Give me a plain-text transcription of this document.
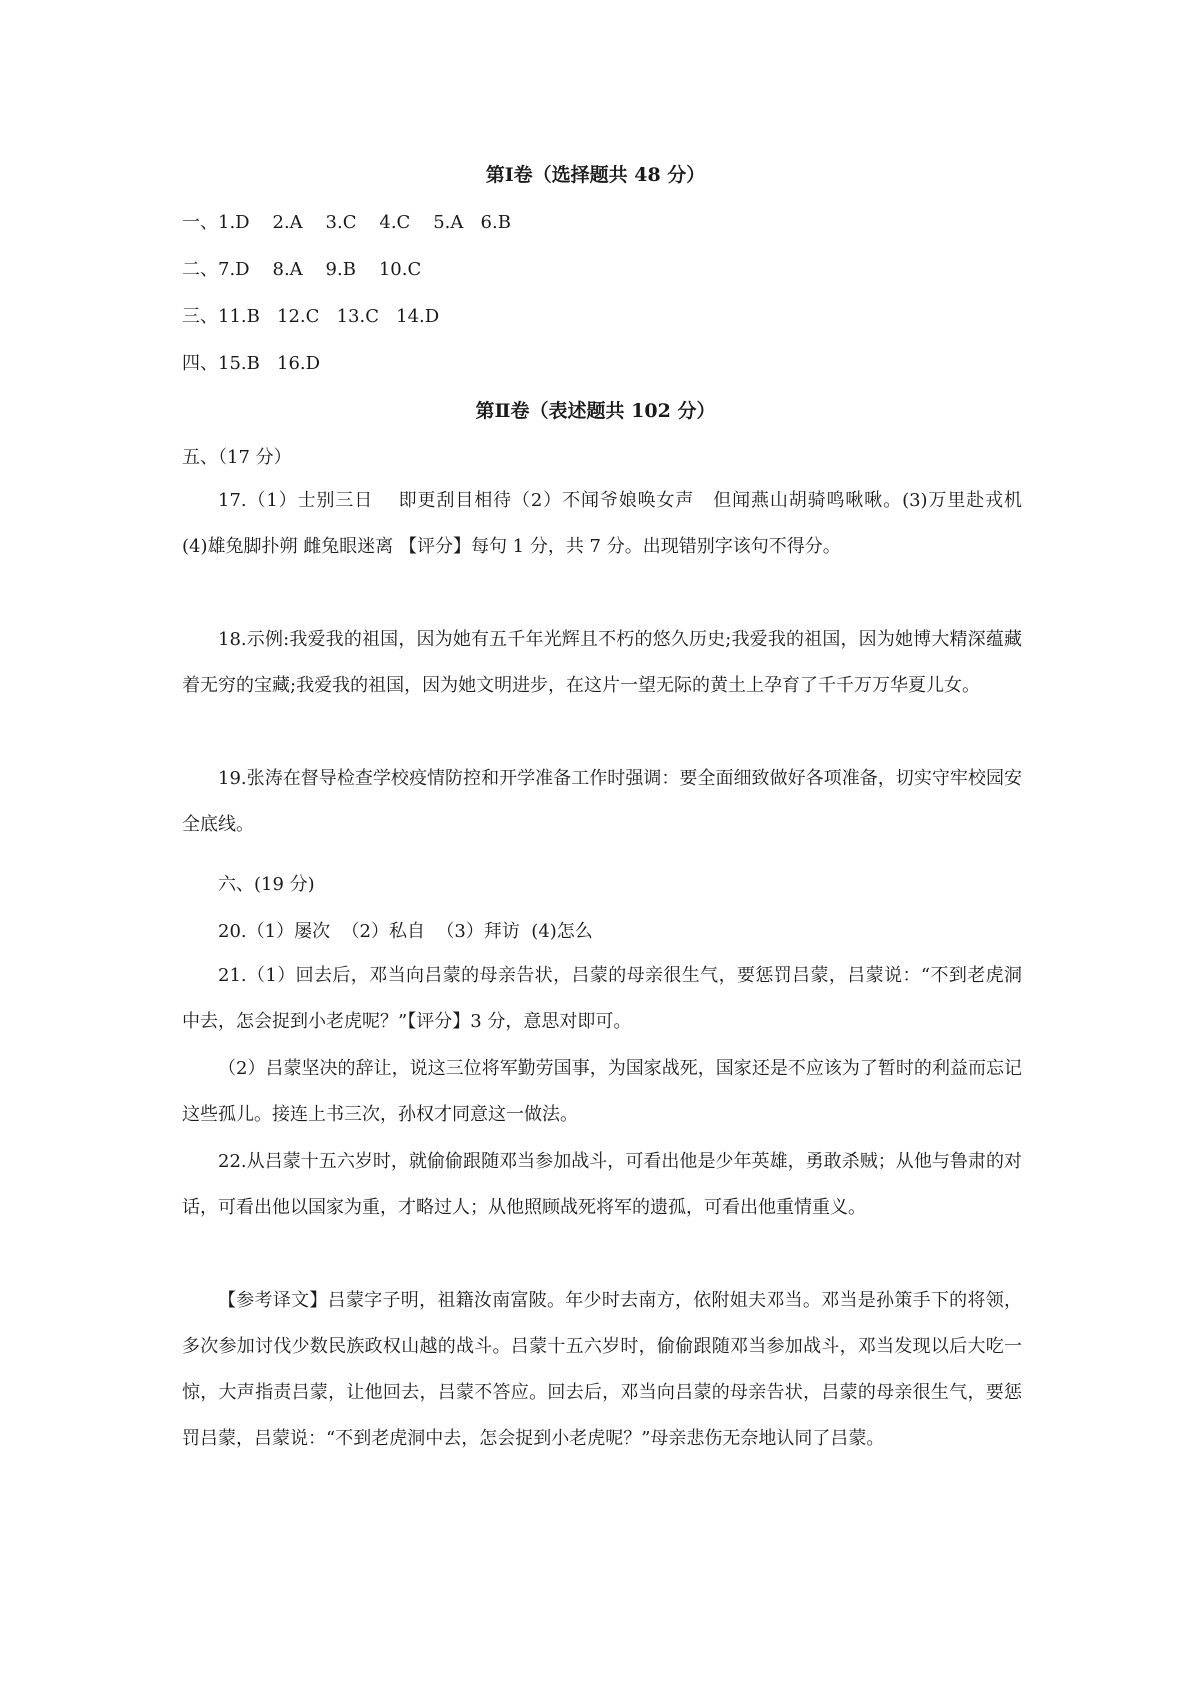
第Ⅰ卷（选择题共 48 分）
一、1.D    2.A    3.C    4.C    5.A   6.B
二、7.D    8.A    9.B    10.C
三、11.B   12.C   13.C   14.D
四、15.B   16.D
第Ⅱ卷（表述题共 102 分）
五、（17 分）
17.（1）士别三日　 即更刮目相待（2）不闻爷娘唤女声　但闻燕山胡骑鸣啾啾。(3)万里赴戎机　(4)雄兔脚扑朔 雌兔眼迷离 【评分】每句 1 分，共 7 分。出现错别字该句不得分。
18.示例:我爱我的祖国，因为她有五千年光辉且不朽的悠久历史;我爱我的祖国，因为她博大精深蕴藏着无穷的宝藏;我爱我的祖国，因为她文明进步，在这片一望无际的黄土上孕育了千千万万华夏儿女。
19.张涛在督导检查学校疫情防控和开学准备工作时强调：要全面细致做好各项准备，切实守牢校园安全底线。
六、(19 分)
20.（1）屡次  （2）私自  （3）拜访  (4)怎么
21.（1）回去后，邓当向吕蒙的母亲告状，吕蒙的母亲很生气，要惩罚吕蒙，吕蒙说：“不到老虎洞中去，怎会捉到小老虎呢？”【评分】3 分，意思对即可。
（2）吕蒙坚决的辞让，说这三位将军勤劳国事，为国家战死，国家还是不应该为了暂时的利益而忘记这些孤儿。接连上书三次，孙权才同意这一做法。
22.从吕蒙十五六岁时，就偷偷跟随邓当参加战斗，可看出他是少年英雄，勇敢杀贼；从他与鲁肃的对话，可看出他以国家为重，才略过人；从他照顾战死将军的遗孤，可看出他重情重义。
【参考译文】吕蒙字子明，祖籍汝南富陂。年少时去南方，依附姐夫邓当。邓当是孙策手下的将领，多次参加讨伐少数民族政权山越的战斗。吕蒙十五六岁时，偷偷跟随邓当参加战斗，邓当发现以后大吃一惊，大声指责吕蒙，让他回去，吕蒙不答应。回去后，邓当向吕蒙的母亲告状，吕蒙的母亲很生气，要惩罚吕蒙，吕蒙说：“不到老虎洞中去，怎会捉到小老虎呢？”母亲悲伤无奈地认同了吕蒙。
